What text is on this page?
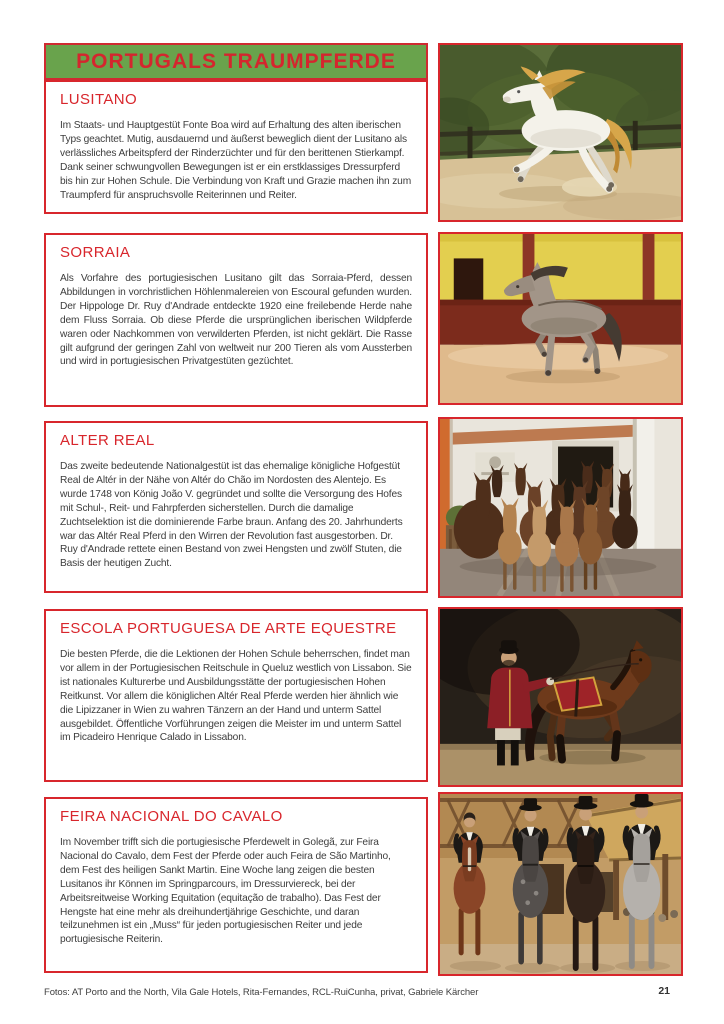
PORTUGALS TRAUMPFERDE
LUSITANO

Im Staats- und Hauptgestüt Fonte Boa wird auf Erhaltung des alten iberischen Typs geachtet. Mutig, ausdauernd und äußerst beweglich dient der Lusitano als verlässliches Arbeitspferd der Rinderzüchter und für den berittenen Stierkampf. Dank seiner schwungvollen Bewegungen ist er ein erstklassiges Dressurpferd bis hin zur Hohen Schule. Die Verbindung von Kraft und Grazie machen ihn zum Traumpferd für anspruchsvolle Reiterinnen und Reiter.

SORRAIA

Als Vorfahre des portugiesischen Lusitano gilt das Sorraia-Pferd, dessen Abbildungen in vorchristlichen Höhlenmalereien von Escoural gefunden wurden. Der Hippologe Dr. Ruy d'Andrade entdeckte 1920 eine freilebende Herde nahe dem Fluss Sorraia. Ob diese Pferde die ursprünglichen iberischen Wildpferde waren oder Nachkommen von verwilderten Pferden, ist nicht geklärt. Die Rasse gilt aufgrund der geringen Zahl von weltweit nur 200 Tieren als vom Aussterben und wird in portugiesischen Privatgestüten gezüchtet.

ALTER REAL

Das zweite bedeutende Nationalgestüt ist das ehemalige königliche Hofgestüt Real de Altér in der Nähe von Altér do Chão im Nordosten des Alentejo. Es wurde 1748 von König João V. gegründet und sollte die Versorgung des Hofes mit Schul-, Reit- und Fahrpferden sicherstellen. Durch die damalige Zuchtselektion ist die dominierende Farbe braun. Anfang des 20. Jahrhunderts war das Altér Real Pferd in den Wirren der Revolution fast ausgestorben. Dr. Ruy d'Andrade rettete einen Bestand von zwei Hengsten und zwölf Stuten, die Basis der heutigen Zucht.

ESCOLA PORTUGUESA DE ARTE EQUESTRE

Die besten Pferde, die die Lektionen der Hohen Schule beherrschen, findet man vor allem in der Portugiesischen Reitschule in Queluz westlich von Lissabon. Sie ist nationales Kulturerbe und Ausbildungsstätte der portugiesischen Hohen Reitkunst. Vor allem die königlichen Altér Real Pferde werden hier ähnlich wie die Lipizzaner in Wien zu wahren Tänzern an der Hand und unterm Sattel ausgebildet. Öffentliche Vorführungen zeigen die Meister im und unterm Sattel im Picadeiro Henrique Calado in Lissabon.

FEIRA NACIONAL DO CAVALO

Im November trifft sich die portugiesische Pferdewelt in Golegã, zur Feira Nacional do Cavalo, dem Fest der Pferde oder auch Feira de São Martinho, dem Fest des heiligen Sankt Martin. Eine Woche lang zeigen die besten Lusitanos ihr Können im Springparcours, im Dressurviereck, bei der Arbeitsreitweise Working Equitation (equitação de trabalho). Das Fest der Hengste hat eine mehr als dreihundertjährige Geschichte, und daran teilzunehmen ist ein „Muss“ für jeden portugiesischen Reiter und jede portugiesische Reiterin.

Fotos: AT Porto and the North, Vila Gale Hotels, Rita-Fernandes, RCL-RuiCunha, privat, Gabriele Kärcher	21
